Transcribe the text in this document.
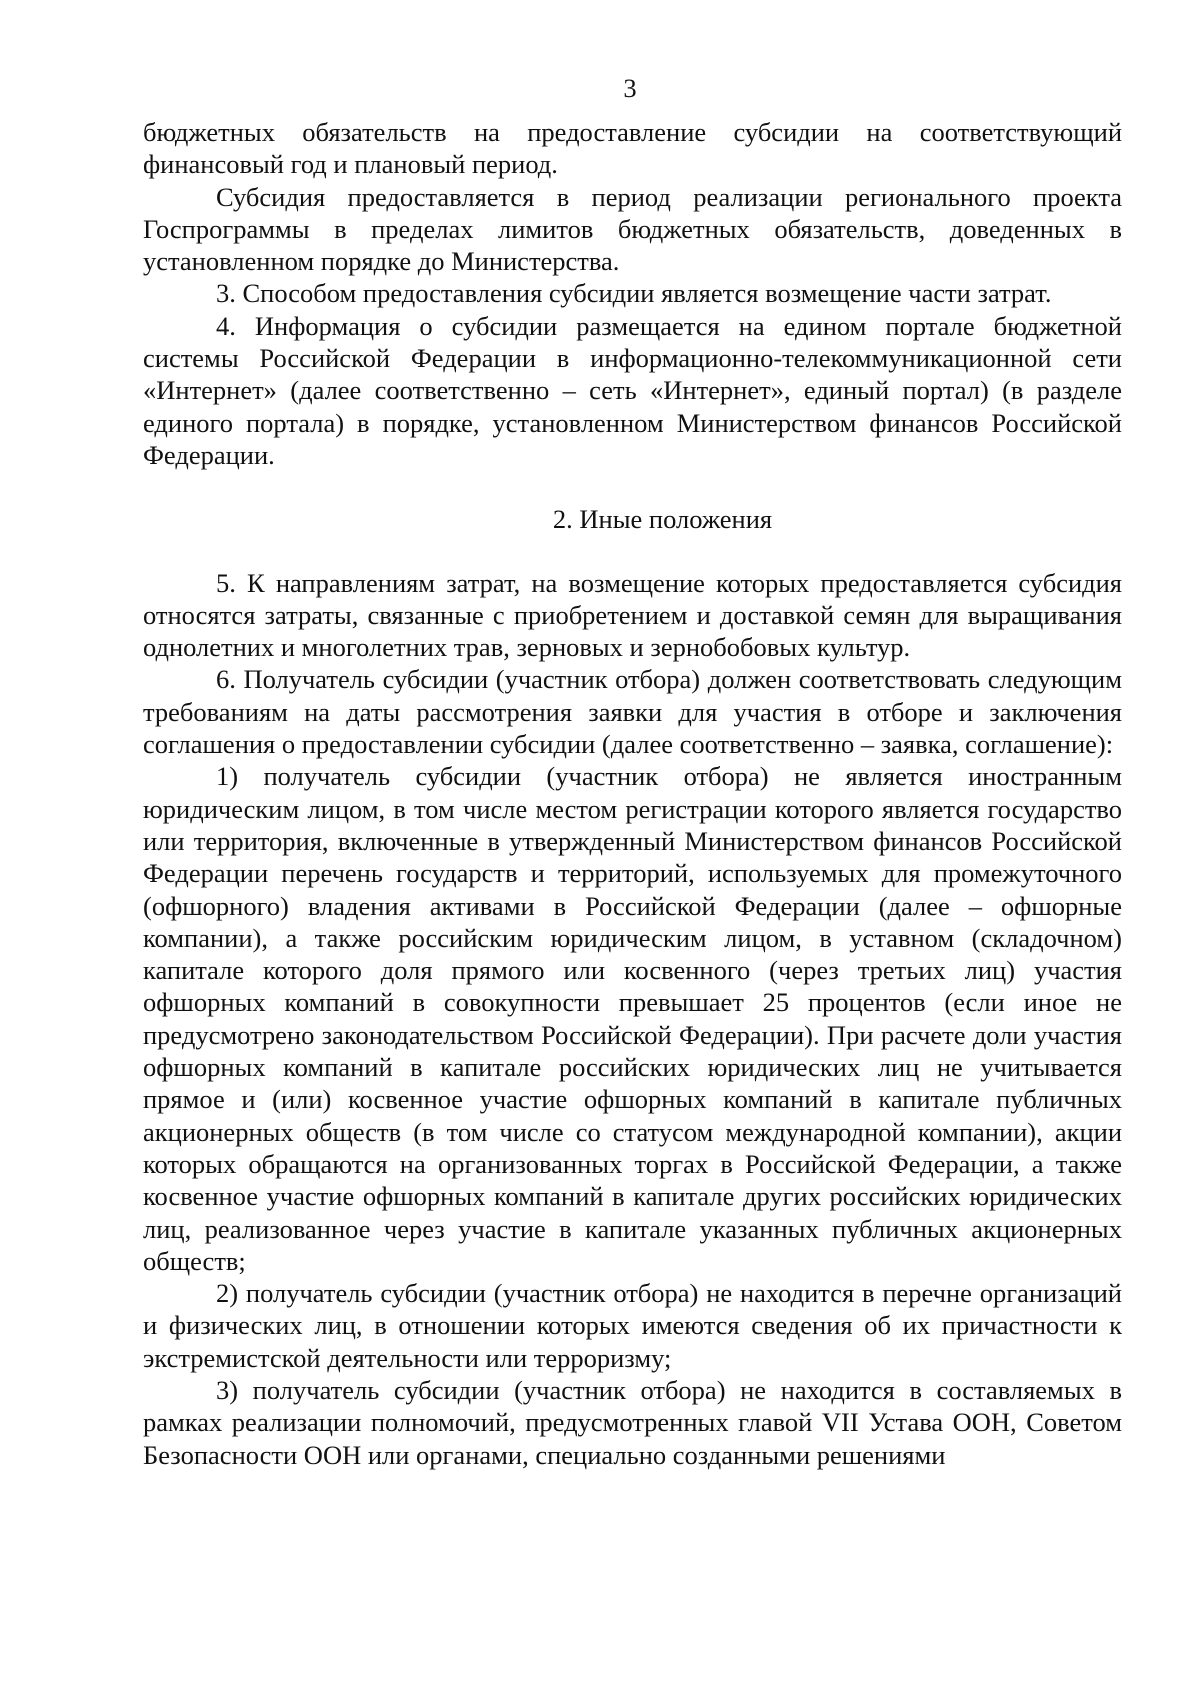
3

бюджетных обязательств на предоставление субсидии на соответствующий финансовый год и плановый период.

Субсидия предоставляется в период реализации регионального проекта Госпрограммы в пределах лимитов бюджетных обязательств, доведенных в установленном порядке до Министерства.

3. Способом предоставления субсидии является возмещение части затрат.

4. Информация о субсидии размещается на едином портале бюджетной системы Российской Федерации в информационно-телекоммуникационной сети «Интернет» (далее соответственно – сеть «Интернет», единый портал) (в разделе единого портала) в порядке, установленном Министерством финансов Российской Федерации.

2. Иные положения

5. К направлениям затрат, на возмещение которых предоставляется субсидия относятся затраты, связанные с приобретением и доставкой семян для выращивания однолетних и многолетних трав, зерновых и зернобобовых культур.

6. Получатель субсидии (участник отбора) должен соответствовать следующим требованиям на даты рассмотрения заявки для участия в отборе и заключения соглашения о предоставлении субсидии (далее соответственно – заявка, соглашение):

1) получатель субсидии (участник отбора) не является иностранным юридическим лицом, в том числе местом регистрации которого является государство или территория, включенные в утвержденный Министерством финансов Российской Федерации перечень государств и территорий, используемых для промежуточного (офшорного) владения активами в Российской Федерации (далее – офшорные компании), а также российским юридическим лицом, в уставном (складочном) капитале которого доля прямого или косвенного (через третьих лиц) участия офшорных компаний в совокупности превышает 25 процентов (если иное не предусмотрено законодательством Российской Федерации). При расчете доли участия офшорных компаний в капитале российских юридических лиц не учитывается прямое и (или) косвенное участие офшорных компаний в капитале публичных акционерных обществ (в том числе со статусом международной компании), акции которых обращаются на организованных торгах в Российской Федерации, а также косвенное участие офшорных компаний в капитале других российских юридических лиц, реализованное через участие в капитале указанных публичных акционерных обществ;

2) получатель субсидии (участник отбора) не находится в перечне организаций и физических лиц, в отношении которых имеются сведения об их причастности к экстремистской деятельности или терроризму;

3) получатель субсидии (участник отбора) не находится в составляемых в рамках реализации полномочий, предусмотренных главой VII Устава ООН, Советом Безопасности ООН или органами, специально созданными решениями
